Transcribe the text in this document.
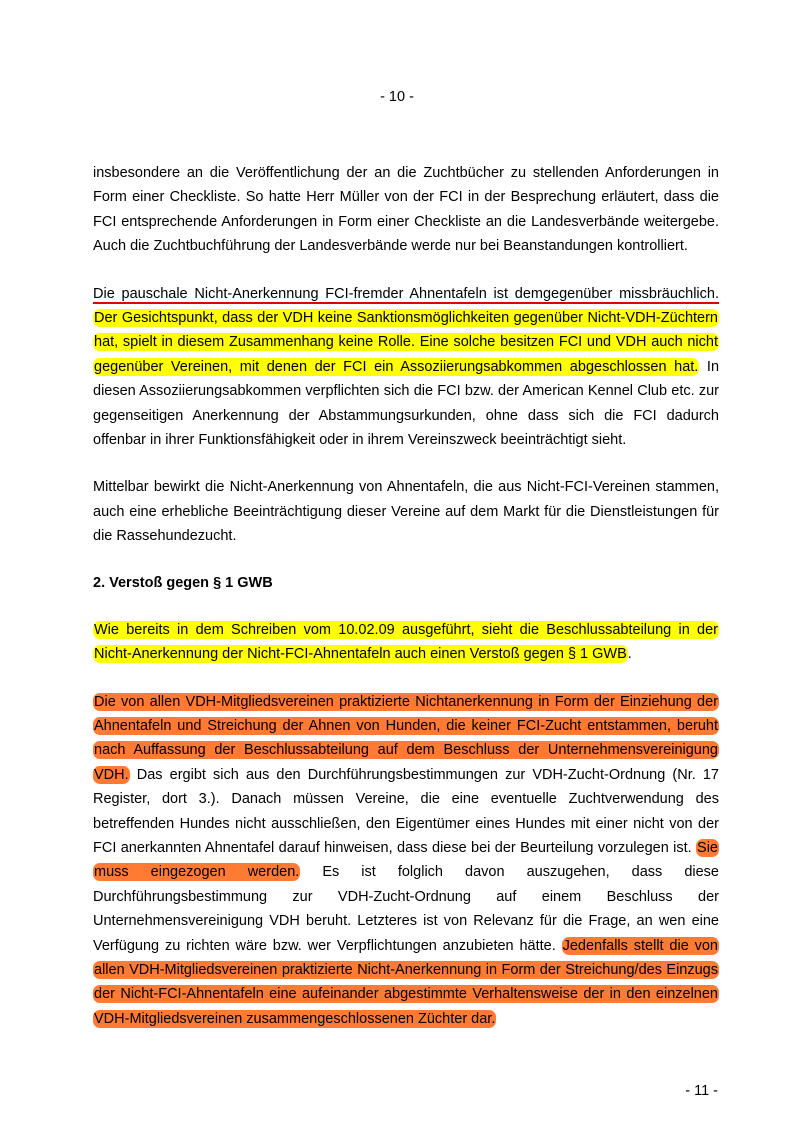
- 10 -

insbesondere an die Veröffentlichung der an die Zuchtbücher zu stellenden Anforderungen in Form einer Checkliste. So hatte Herr Müller von der FCI in der Besprechung erläutert, dass die FCI entsprechende Anforderungen in Form einer Checkliste an die Landesverbände weitergebe. Auch die Zuchtbuchführung der Landesverbände werde nur bei Beanstandungen kontrolliert.

Die pauschale Nicht-Anerkennung FCI-fremder Ahnentafeln ist demgegenüber missbräuchlich. Der Gesichtspunkt, dass der VDH keine Sanktionsmöglichkeiten gegenüber Nicht-VDH-Züchtern hat, spielt in diesem Zusammenhang keine Rolle. Eine solche besitzen FCI und VDH auch nicht gegenüber Vereinen, mit denen der FCI ein Assoziierungsabkommen abgeschlossen hat. In diesen Assoziierungsabkommen verpflichten sich die FCI bzw. der American Kennel Club etc. zur gegenseitigen Anerkennung der Abstammungsurkunden, ohne dass sich die FCI dadurch offenbar in ihrer Funktionsfähigkeit oder in ihrem Vereinszweck beeinträchtigt sieht.

Mittelbar bewirkt die Nicht-Anerkennung von Ahnentafeln, die aus Nicht-FCI-Vereinen stammen, auch eine erhebliche Beeinträchtigung dieser Vereine auf dem Markt für die Dienstleistungen für die Rassehundezucht.

2. Verstoß gegen § 1 GWB

Wie bereits in dem Schreiben vom 10.02.09 ausgeführt, sieht die Beschlussabteilung in der Nicht-Anerkennung der Nicht-FCI-Ahnentafeln auch einen Verstoß gegen § 1 GWB.

Die von allen VDH-Mitgliedsvereinen praktizierte Nichtanerkennung in Form der Einziehung der Ahnentafeln und Streichung der Ahnen von Hunden, die keiner FCI-Zucht entstammen, beruht nach Auffassung der Beschlussabteilung auf dem Beschluss der Unternehmensvereinigung VDH. Das ergibt sich aus den Durchführungsbestimmungen zur VDH-Zucht-Ordnung (Nr. 17 Register, dort 3.). Danach müssen Vereine, die eine eventuelle Zuchtverwendung des betreffenden Hundes nicht ausschließen, den Eigentümer eines Hundes mit einer nicht von der FCI anerkannten Ahnentafel darauf hinweisen, dass diese bei der Beurteilung vorzulegen ist. Sie muss eingezogen werden. Es ist folglich davon auszugehen, dass diese Durchführungsbestimmung zur VDH-Zucht-Ordnung auf einem Beschluss der Unternehmensvereinigung VDH beruht. Letzteres ist von Relevanz für die Frage, an wen eine Verfügung zu richten wäre bzw. wer Verpflichtungen anzubieten hätte. Jedenfalls stellt die von allen VDH-Mitgliedsvereinen praktizierte Nicht-Anerkennung in Form der Streichung/des Einzugs der Nicht-FCI-Ahnentafeln eine aufeinander abgestimmte Verhaltensweise der in den einzelnen VDH-Mitgliedsvereinen zusammengeschlossenen Züchter dar.

- 11 -
